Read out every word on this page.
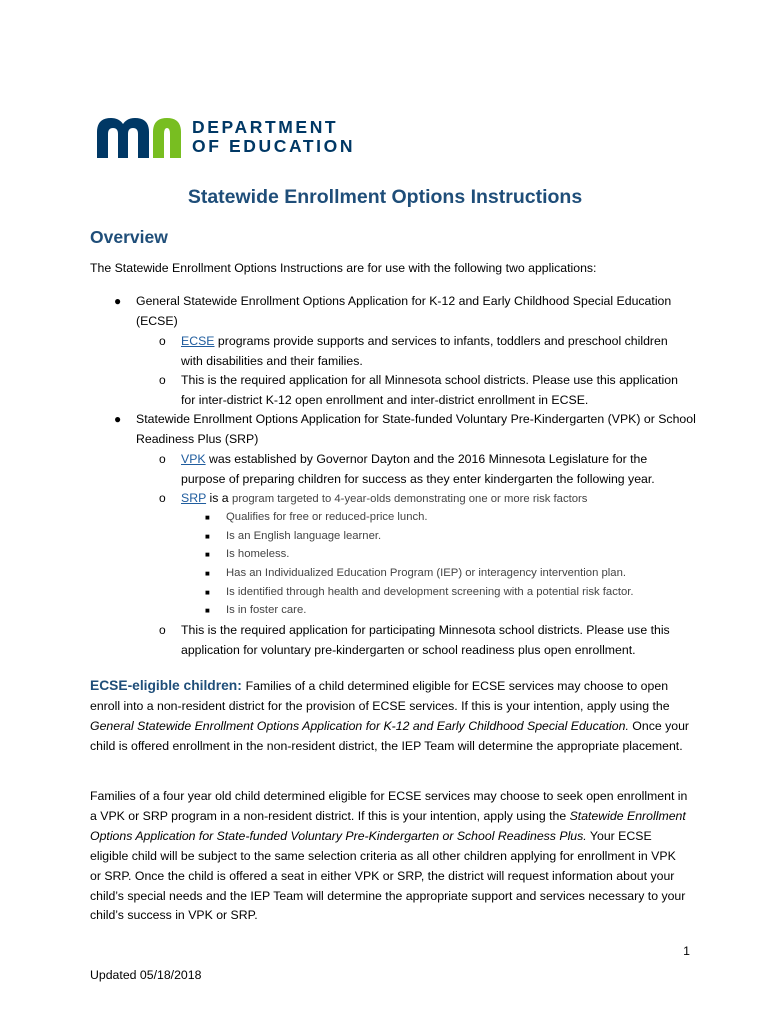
DEPARTMENT
OF EDUCATION
Statewide Enrollment Options Instructions
Overview

The Statewide Enrollment Options Instructions are for use with the following two applications:

● General Statewide Enrollment Options Application for K-12 and Early Childhood Special Education (ECSE)
o ECSE programs provide supports and services to infants, toddlers and preschool children with disabilities and their families.
o This is the required application for all Minnesota school districts. Please use this application for inter-district K-12 open enrollment and inter-district enrollment in ECSE.
● Statewide Enrollment Options Application for State-funded Voluntary Pre-Kindergarten (VPK) or School Readiness Plus (SRP)
o VPK was established by Governor Dayton and the 2016 Minnesota Legislature for the purpose of preparing children for success as they enter kindergarten the following year.
o SRP is a program targeted to 4-year-olds demonstrating one or more risk factors
■ Qualifies for free or reduced-price lunch.
■ Is an English language learner.
■ Is homeless.
■ Has an Individualized Education Program (IEP) or interagency intervention plan.
■ Is identified through health and development screening with a potential risk factor.
■ Is in foster care.
o This is the required application for participating Minnesota school districts. Please use this application for voluntary pre-kindergarten or school readiness plus open enrollment.

ECSE-eligible children: Families of a child determined eligible for ECSE services may choose to open enroll into a non-resident district for the provision of ECSE services. If this is your intention, apply using the General Statewide Enrollment Options Application for K-12 and Early Childhood Special Education. Once your child is offered enrollment in the non-resident district, the IEP Team will determine the appropriate placement.

Families of a four year old child determined eligible for ECSE services may choose to seek open enrollment in a VPK or SRP program in a non-resident district. If this is your intention, apply using the Statewide Enrollment Options Application for State-funded Voluntary Pre-Kindergarten or School Readiness Plus. Your ECSE eligible child will be subject to the same selection criteria as all other children applying for enrollment in VPK or SRP. Once the child is offered a seat in either VPK or SRP, the district will request information about your child’s special needs and the IEP Team will determine the appropriate support and services necessary to your child’s success in VPK or SRP.

1
Updated 05/18/2018
